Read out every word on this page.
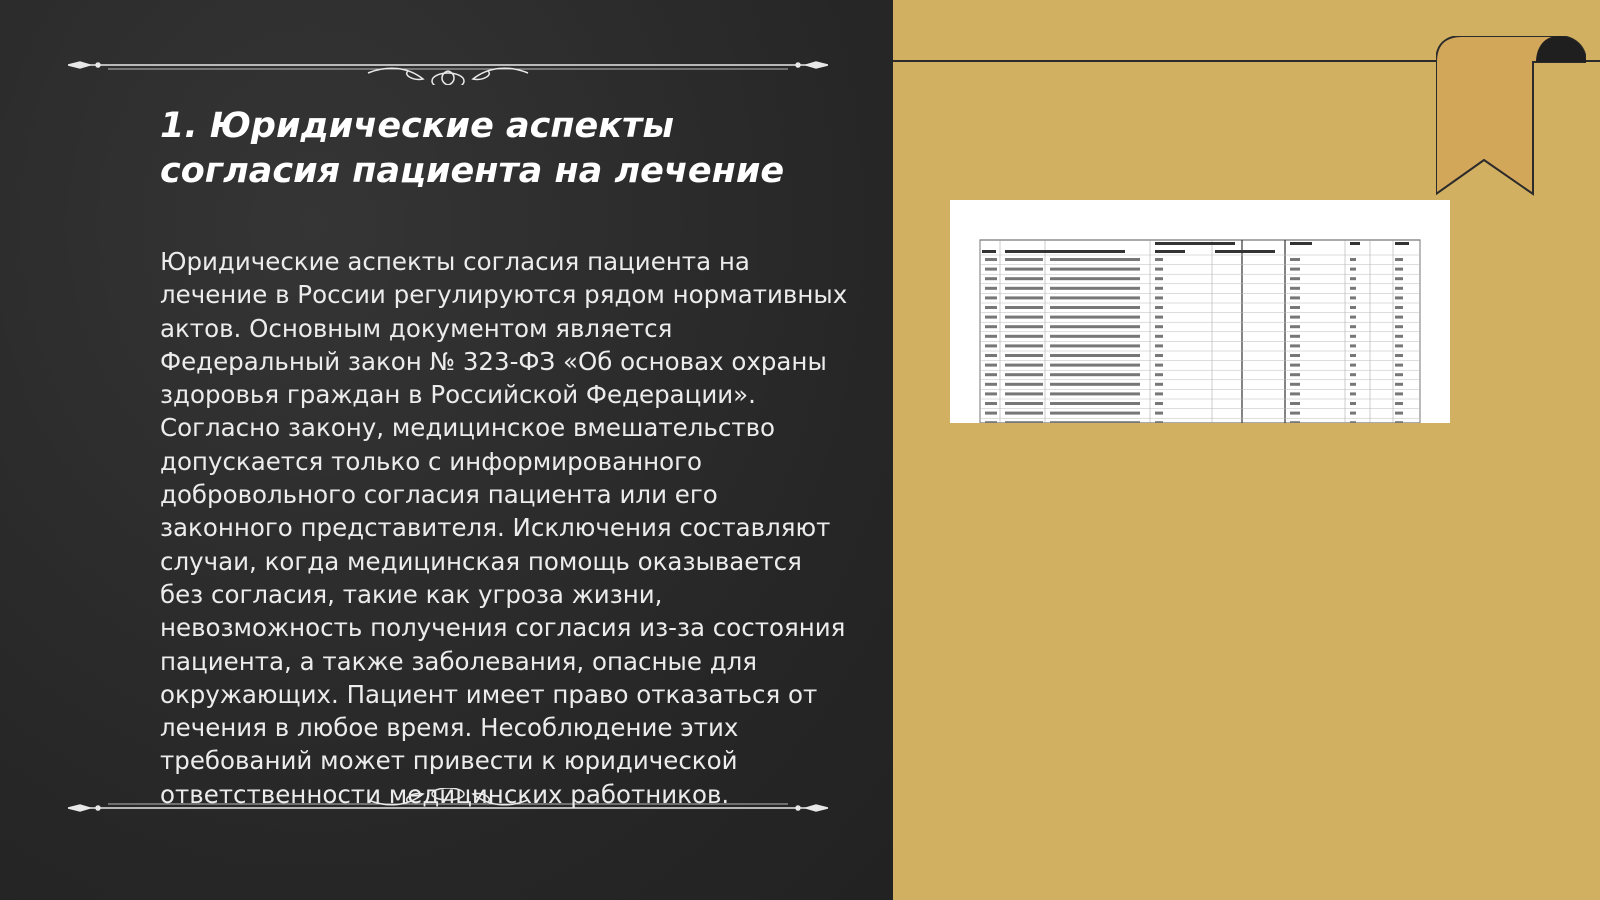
1. Юридические аспекты согласия пациента на лечение

Юридические аспекты согласия пациента на лечение в России регулируются рядом нормативных актов. Основным документом является Федеральный закон № 323-ФЗ «Об основах охраны здоровья граждан в Российской Федерации». Согласно закону, медицинское вмешательство допускается только с информированного добровольного согласия пациента или его законного представителя. Исключения составляют случаи, когда медицинская помощь оказывается без согласия, такие как угроза жизни, невозможность получения согласия из-за состояния пациента, а также заболевания, опасные для окружающих. Пациент имеет право отказаться от лечения в любое время. Несоблюдение этих требований может привести к юридической ответственности медицинских работников.
